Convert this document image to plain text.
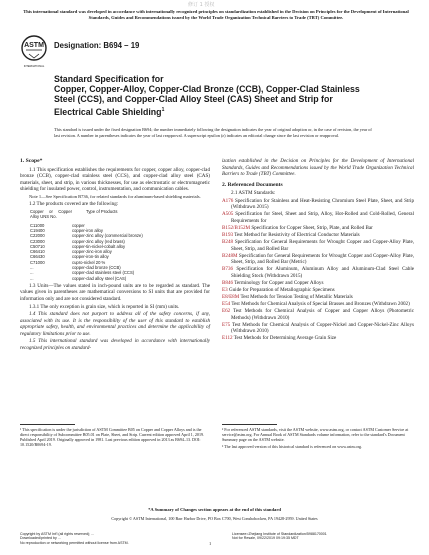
修订 1 授权
This international standard was developed in accordance with internationally recognized principles on standardization established in the Decision on Principles for the Development of International Standards, Guides and Recommendations issued by the World Trade Organization Technical Barriers to Trade (TBT) Committee.
ASTM
INTERNATIONAL
Designation: B694 – 19
Standard Specification for
Copper, Copper-Alloy, Copper-Clad Bronze (CCB), Copper-Clad Stainless Steel (CCS), and Copper-Clad Alloy Steel (CAS) Sheet and Strip for Electrical Cable Shielding$^1$
This standard is issued under the fixed designation B694; the number immediately following the designation indicates the year of original adoption or, in the case of revision, the year of last revision. A number in parentheses indicates the year of last reapproval. A superscript epsilon (ε) indicates an editorial change since the last revision or reapproval.
1. Scope*

1.1 This specification establishes the requirements for copper, copper alloy, copper-clad bronze (CCB), copper-clad stainless steel (CCS), and copper-clad alloy steel (CAS) materials, sheet, and strip, in various thicknesses, for use as electrostatic or electromagnetic shielding for insulated power, control, instrumentation, and communication cables.

Note 1—See Specification B736, for related standards for aluminum-based shielding materials.

1.2 The products covered are the following:

Copper or Copper Alloy UNS No.
Type of Products
C11000	copper
C19400	copper-iron alloy
C22000	copper-zinc alloy (commercial bronze)
C23000	copper-zinc alloy (red brass)
C50710	copper-tin-nickel-cobalt alloy
C66410	copper-zinc-iron alloy
C66430	copper-iron-tin alloy
C71000	cupro-nickel 20 %
...	copper-clad bronze (CCB)
...	copper-clad stainless steel (CCS)
...	copper-clad alloy steel (CAS)

1.3 Units—The values stated in inch-pound units are to be regarded as standard. The values given in parentheses are mathematical conversions to SI units that are provided for information only and are not considered standard.

1.3.1 The only exception is grain size, which is reported in SI (mm) units.

1.4 This standard does not purport to address all of the safety concerns, if any, associated with its use. It is the responsibility of the user of this standard to establish appropriate safety, health, and environmental practices and determine the applicability of regulatory limitations prior to use.

1.5 This international standard was developed in accordance with internationally recognized principles on standard-

ization established in the Decision on Principles for the Development of International Standards, Guides and Recommendations issued by the World Trade Organization Technical Barriers to Trade (TBT) Committee.

2. Referenced Documents

2.1 ASTM Standards:

A176 Specification for Stainless and Heat-Resisting Chromium Steel Plate, Sheet, and Strip (Withdrawn 2015)
A505 Specification for Steel, Sheet and Strip, Alloy, Hot-Rolled and Cold-Rolled, General Requirements for
B152/B152M Specification for Copper Sheet, Strip, Plate, and Rolled Bar
B193 Test Method for Resistivity of Electrical Conductor Materials
B248 Specification for General Requirements for Wrought Copper and Copper-Alloy Plate, Sheet, Strip, and Rolled Bar
B248M Specification for General Requirements for Wrought Copper and Copper-Alloy Plate, Sheet, Strip, and Rolled Bar (Metric)
B736 Specification for Aluminum, Aluminum Alloy and Aluminum-Clad Steel Cable Shielding Stock (Withdrawn 2015)
B846 Terminology for Copper and Copper Alloys
E3 Guide for Preparation of Metallographic Specimens
E8/E8M Test Methods for Tension Testing of Metallic Materials
E54 Test Methods for Chemical Analysis of Special Brasses and Bronzes (Withdrawn 2002)
E62 Test Methods for Chemical Analysis of Copper and Copper Alloys (Photometric Methods) (Withdrawn 2010)
E75 Test Methods for Chemical Analysis of Copper-Nickel and Copper-Nickel-Zinc Alloys (Withdrawn 2010)
E112 Test Methods for Determining Average Grain Size
¹ This specification is under the jurisdiction of ASTM Committee B05 on Copper and Copper Alloys and is the direct responsibility of Subcommittee B05.01 on Plate, Sheet, and Strip. Current edition approved April 1, 2019. Published April 2019. Originally approved in 1981. Last previous edition approved in 2013 as B694–13. DOI: 10.1520/B0694-19.
² For referenced ASTM standards, visit the ASTM website, www.astm.org, or contact ASTM Customer Service at service@astm.org. For Annual Book of ASTM Standards volume information, refer to the standard's Document Summary page on the ASTM website.
³ The last approved version of this historical standard is referenced on www.astm.org.
*A Summary of Changes section appears at the end of this standard
Copyright © ASTM International, 100 Barr Harbor Drive, PO Box C700, West Conshohocken, PA 19428-2959. United States
Copyright by ASTM Int'l (all rights reserved); ...
Downloaded/printed by ...
No reproduction or networking permitted without license from ASTM.
Licensee=Zhejiang Institute of Standardization/5988170001
Not for Resale, 09/22/2019 09:19:35 MDT
1
